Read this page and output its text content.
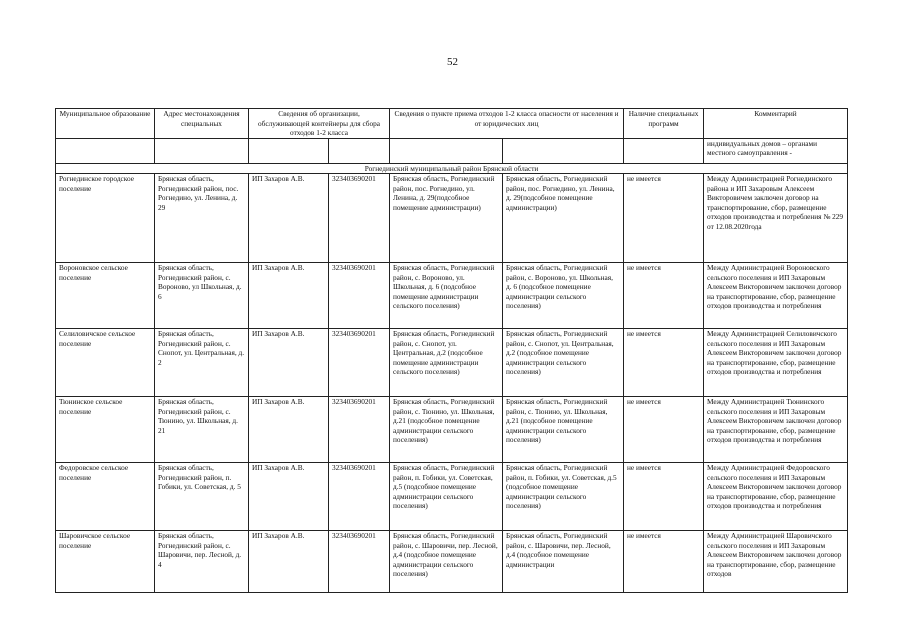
52
Муниципальное образование	Адрес местонахождения специальных	Сведения об организации, обслуживающей контейнеры для сбора отходов 1-2 класса		Сведения о пункте приема отходов 1-2 класса опасности от населения и от юридических лиц		Наличие специальных программ	Комментарий
							индивидуальных домов – органами местного самоуправления -
Рогнединский муниципальный район Брянской области							
Рогнединское городское поселение	Брянская область, Рогнединский район, пос. Рогнедино, ул. Ленина, д. 29	ИП Захаров А.В.	323403690201	Брянская область, Рогнединский район, пос. Рогнедино, ул. Ленина, д. 29(подсобное помещение администрации)	Брянская область, Рогнединский район, пос. Рогнедино, ул. Ленина, д. 29(подсобное помещение администрации)	не имеется	Между Администрацией Рогнединского района и ИП Захаровым Алексеем Викторовичем заключен договор на транспортирование, сбор, размещение отходов производства и потребления № 229 от 12.08.2020года
Вороновское сельское поселение	Брянская область, Рогнединский район, с. Вороново, ул Школьная, д. 6	ИП Захаров А.В.	323403690201	Брянская область, Рогнединский район, с. Вороново, ул. Школьная, д. 6 (подсобное помещение администрации сельского поселения)	Брянская область, Рогнединский район, с. Вороново, ул. Школьная, д. 6 (подсобное помещение администрации сельского поселения)	не имеется	Между Администрацией Вороновского сельского поселения и ИП Захаровым Алексеем Викторовичем заключен договор на транспортирование, сбор, размещение отходов производства и потребления
Селиловичское сельское поселение	Брянская область, Рогнединский район, с. Снопот, ул. Центральная, д. 2	ИП Захаров А.В.	323403690201	Брянская область, Рогнединский район, с. Снопот, ул. Центральная, д.2 (подсобное помещение администрации сельского поселения)	Брянская область, Рогнединский район, с. Снопот, ул. Центральная, д.2 (подсобное помещение администрации сельского поселения)	не имеется	Между Администрацией Селиловичского сельского поселения и ИП Захаровым Алексеем Викторовичем заключен договор на транспортирование, сбор, размещение отходов производства и потребления
Тюнинское сельское поселение	Брянская область, Рогнединский район, с. Тюнино, ул. Школьная, д. 21	ИП Захаров А.В.	323403690201	Брянская область, Рогнединский район, с. Тюнино, ул. Школьная, д.21 (подсобное помещение администрации сельского поселения)	Брянская область, Рогнединский район, с. Тюнино, ул. Школьная, д.21 (подсобное помещение администрации сельского поселения)	не имеется	Между Администрацией Тюнинского сельского поселения и ИП Захаровым Алексеем Викторовичем заключен договор на транспортирование, сбор, размещение отходов производства и потребления
Федоровское сельское поселение	Брянская область, Рогнединский район, п. Гобики, ул. Советская, д. 5	ИП Захаров А.В.	323403690201	Брянская область, Рогнединский район, п. Гобики, ул. Советская, д.5 (подсобное помещение администрации сельского поселения)	Брянская область, Рогнединский район, п. Гобики, ул. Советская, д.5 (подсобное помещение администрации сельского поселения)	не имеется	Между Администрацией Федоровского сельского поселения и ИП Захаровым Алексеем Викторовичем заключен договор на транспортирование, сбор, размещение отходов производства и потребления
Шаровичское сельское поселение	Брянская область, Рогнединский район, с. Шаровичи, пер. Лесной, д. 4	ИП Захаров А.В.	323403690201	Брянская область, Рогнединский район, с. Шаровичи, пер. Лесной, д.4 (подсобное помещение администрации сельского поселения)	Брянская область, Рогнединский район, с. Шаровичи, пер. Лесной, д.4 (подсобное помещение администрации	не имеется	Между Администрацией Шаровичского сельского поселения и ИП Захаровым Алексеем Викторовичем заключен договор на транспортирование, сбор, размещение отходов
